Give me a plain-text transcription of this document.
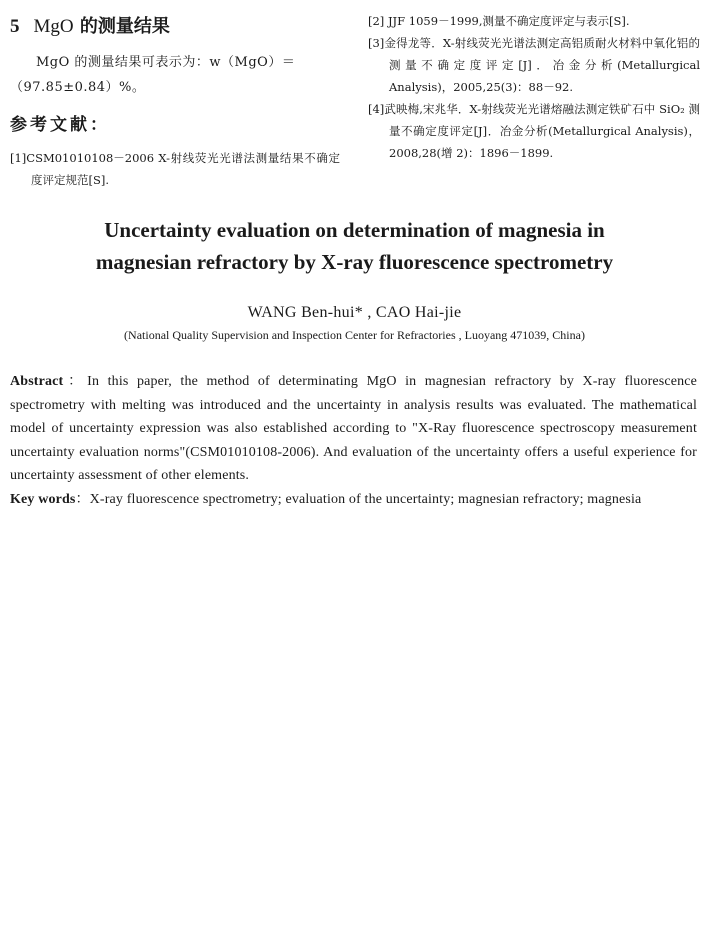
5 MgO 的测量结果

MgO 的测量结果可表示为：w（MgO）＝

（97.85±0.84）%。

参考文献：

[1]CSM01010108－2006 X-射线荧光光谱法测量结果不确定度评定规范[S].

[2] JJF 1059－1999,测量不确定度评定与表示[S].

[3]金得龙等．X-射线荧光光谱法测定高铝质耐火材料中氧化铝的测量不确定度评定[J]．冶金分析(Metallurgical Analysis)，2005,25(3)：88－92.

[4]武映梅,宋兆华．X-射线荧光光谱熔融法测定铁矿石中 SiO₂ 测量不确定度评定[J]．冶金分析(Metallurgical Analysis)，2008,28(增 2)：1896－1899.

Uncertainty evaluation on determination of magnesia in

magnesian refractory by X-ray fluorescence spectrometry

WANG Ben-hui* , CAO Hai-jie

(National Quality Supervision and Inspection Center for Refractories , Luoyang 471039, China)

Abstract：In this paper, the method of determinating MgO in magnesian refractory by X-ray fluorescence spectrometry with melting was introduced and the uncertainty in analysis results was evaluated. The mathematical model of uncertainty expression was also established according to "X-Ray fluorescence spectroscopy measurement uncertainty evaluation norms"(CSM01010108-2006). And evaluation of the uncertainty offers a useful experience for uncertainty assessment of other elements.

Key words：X-ray fluorescence spectrometry; evaluation of the uncertainty; magnesian refractory; magnesia
